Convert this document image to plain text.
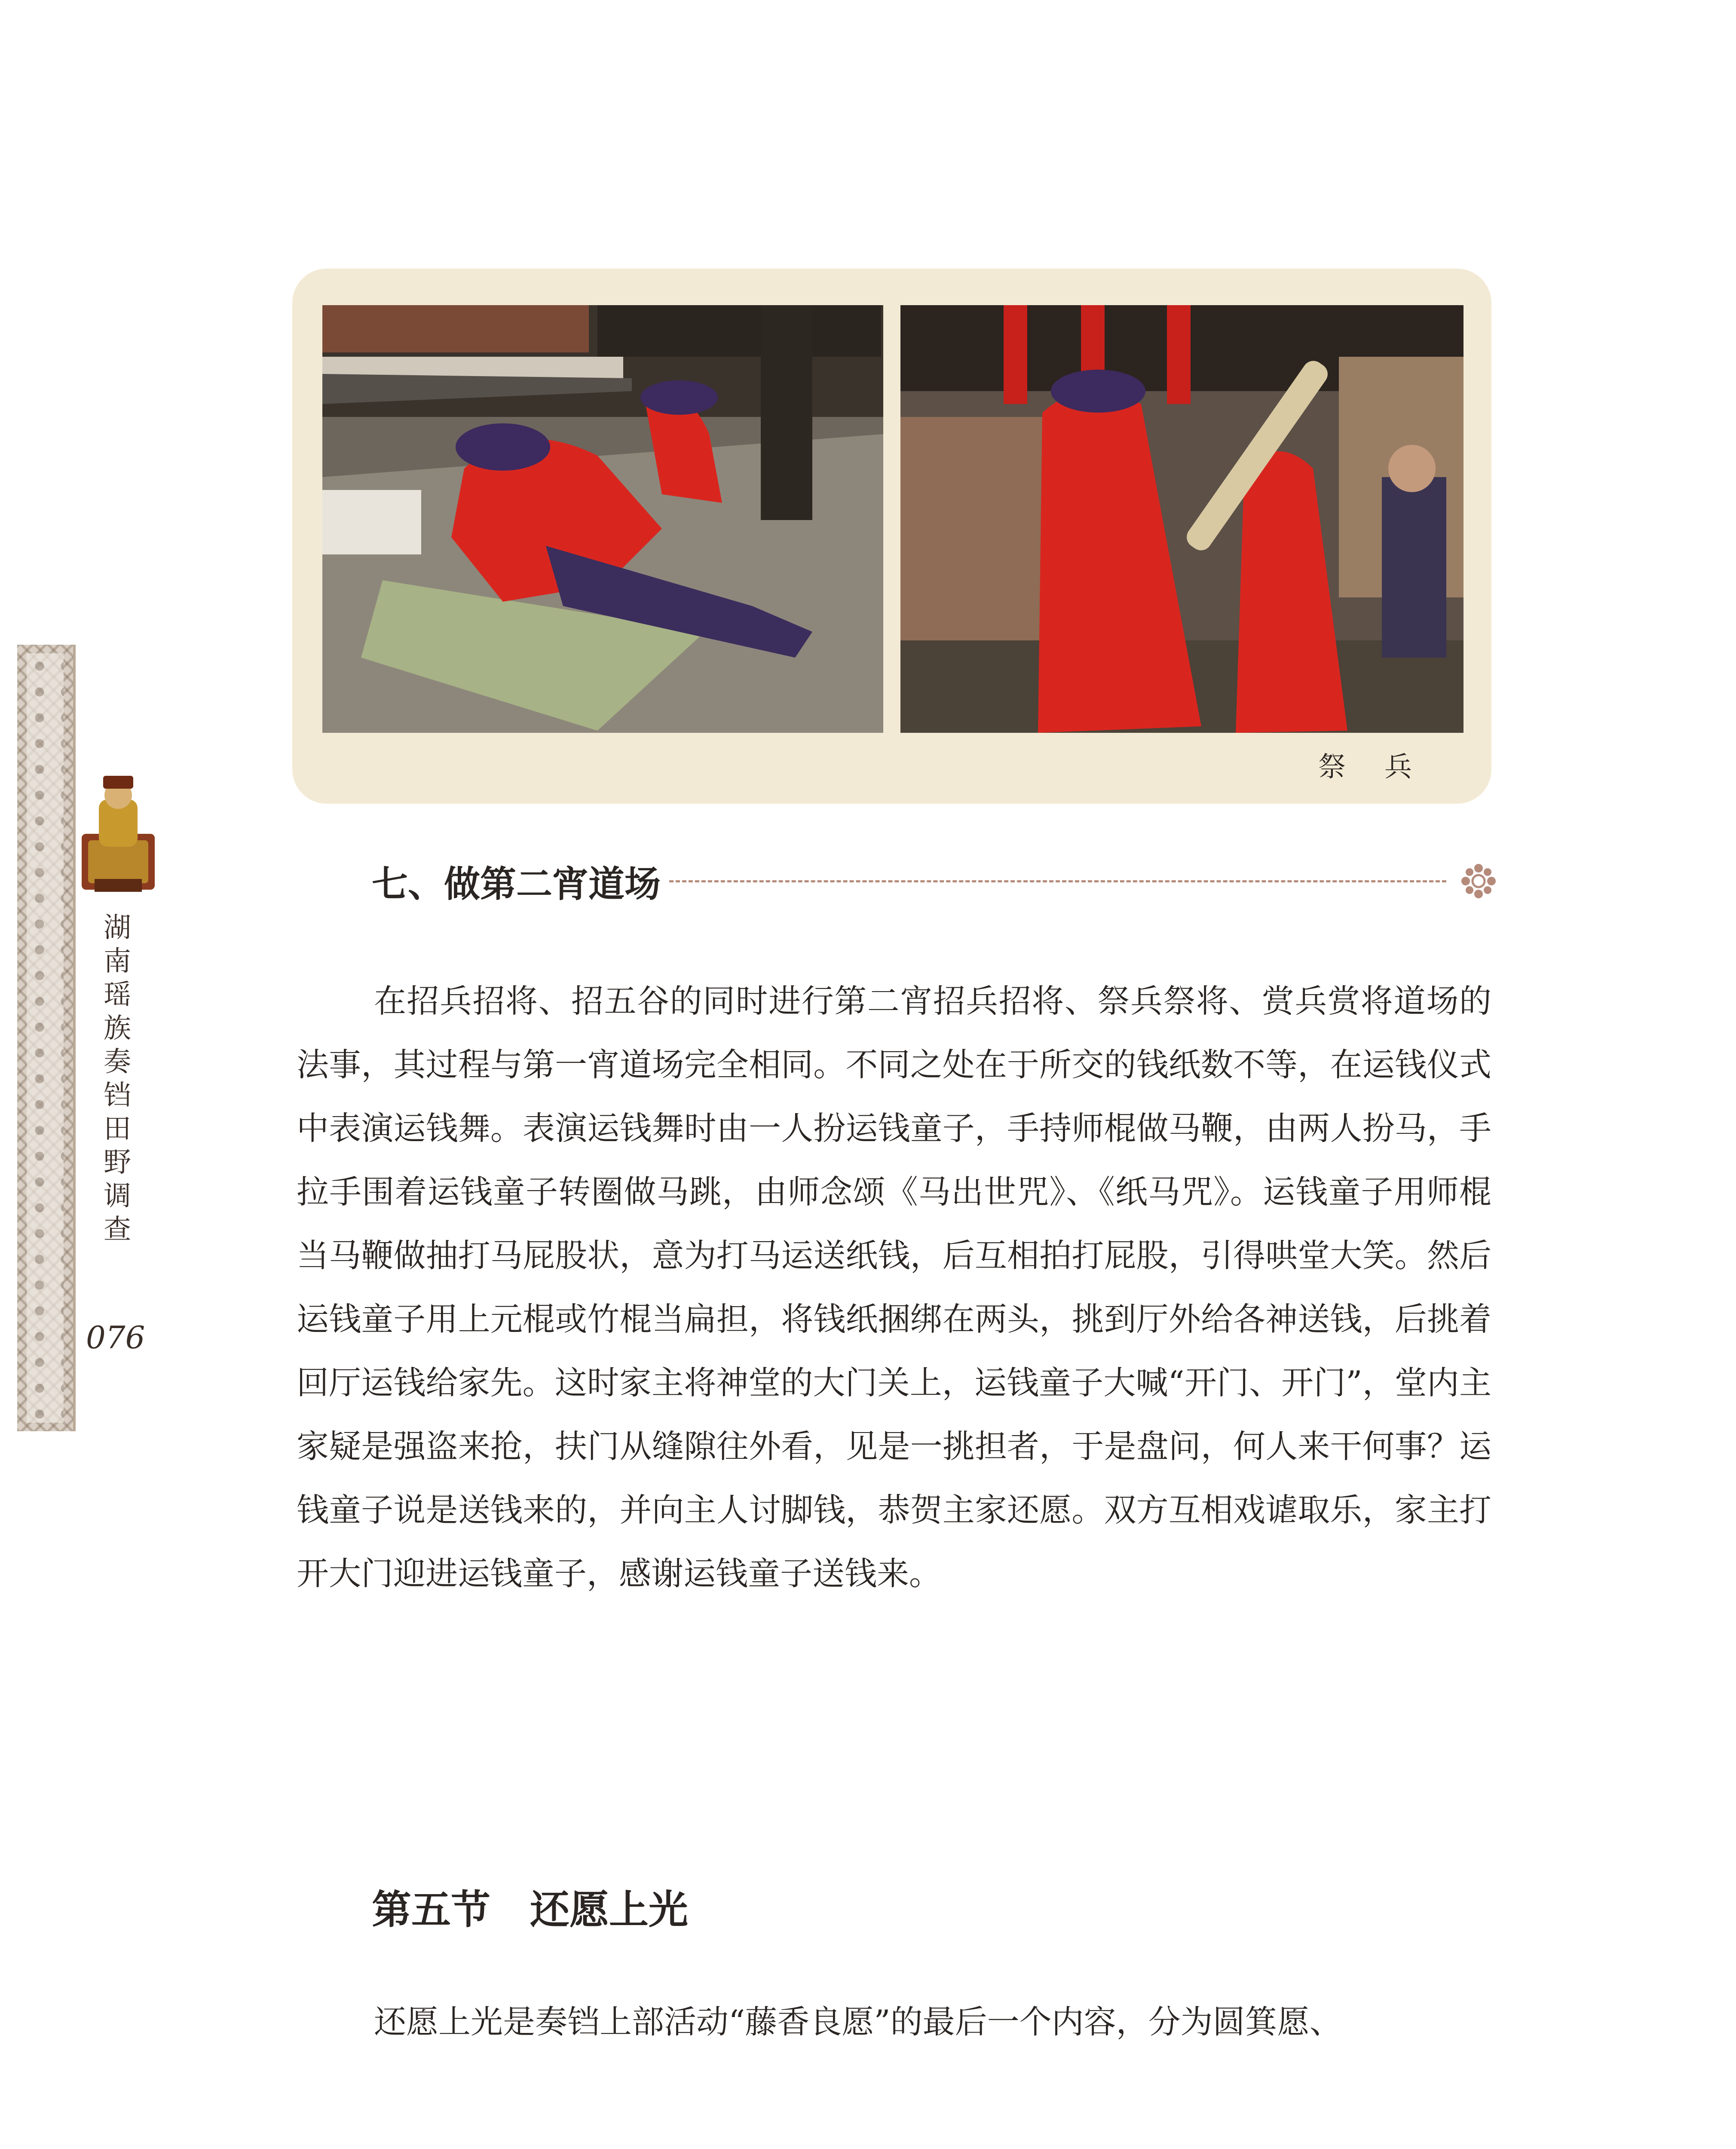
湖南瑶族奏铛田野调查
076
祭兵
七、做第二宵道场

在招兵招将、招五谷的同时进行第二宵招兵招将、祭兵祭将、赏兵赏将道场的法事，其过程与第一宵道场完全相同。不同之处在于所交的钱纸数不等，在运钱仪式中表演运钱舞。表演运钱舞时由一人扮运钱童子，手持师棍做马鞭，由两人扮马，手拉手围着运钱童子转圈做马跳，由师念颂《马出世咒》、《纸马咒》。运钱童子用师棍当马鞭做抽打马屁股状，意为打马运送纸钱，后互相拍打屁股，引得哄堂大笑。然后运钱童子用上元棍或竹棍当扁担，将钱纸捆绑在两头，挑到厅外给各神送钱，后挑着回厅运钱给家先。这时家主将神堂的大门关上，运钱童子大喊“开门、开门”，堂内主家疑是强盗来抢，扶门从缝隙往外看，见是一挑担者，于是盘问，何人来干何事？运钱童子说是送钱来的，并向主人讨脚钱，恭贺主家还愿。双方互相戏谑取乐，家主打开大门迎进运钱童子，感谢运钱童子送钱来。

第五节　还愿上光

还愿上光是奏铛上部活动“藤香良愿”的最后一个内容，分为圆箕愿、
